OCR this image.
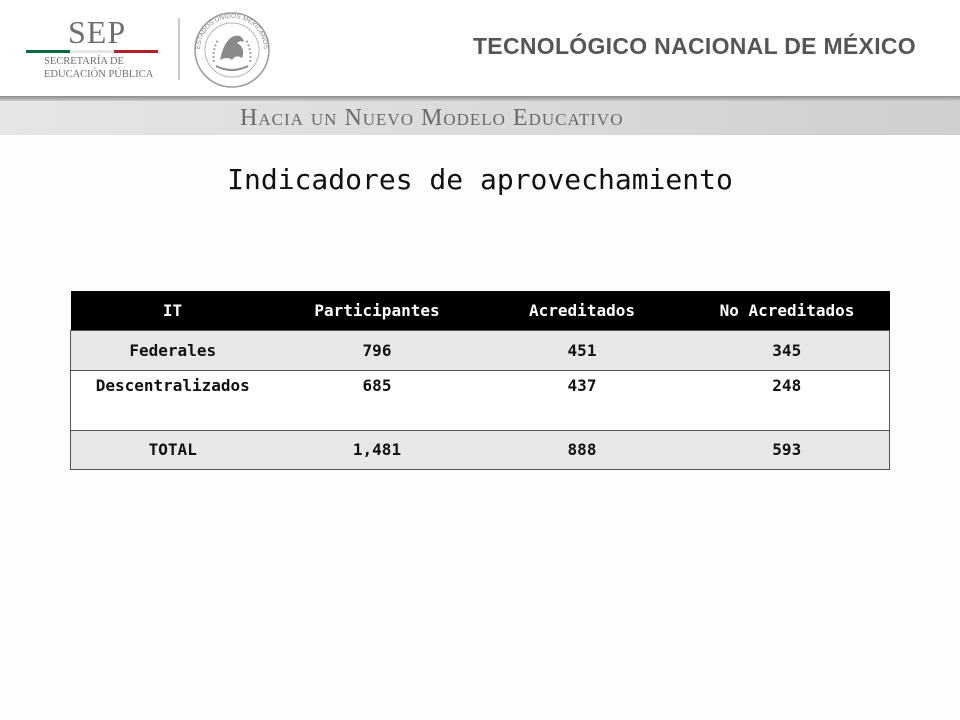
SEP
SECRETARÍA DE
EDUCACIÓN PÚBLICA
ESTADOS UNIDOS MEXICANOS	TECNOLÓGICO NACIONAL DE MÉXICO
Hacia un Nuevo Modelo Educativo
Indicadores de aprovechamiento
IT	Participantes	Acreditados	No Acreditados
Federales	796	451	345
Descentralizados	685	437	248
TOTAL	1,481	888	593
